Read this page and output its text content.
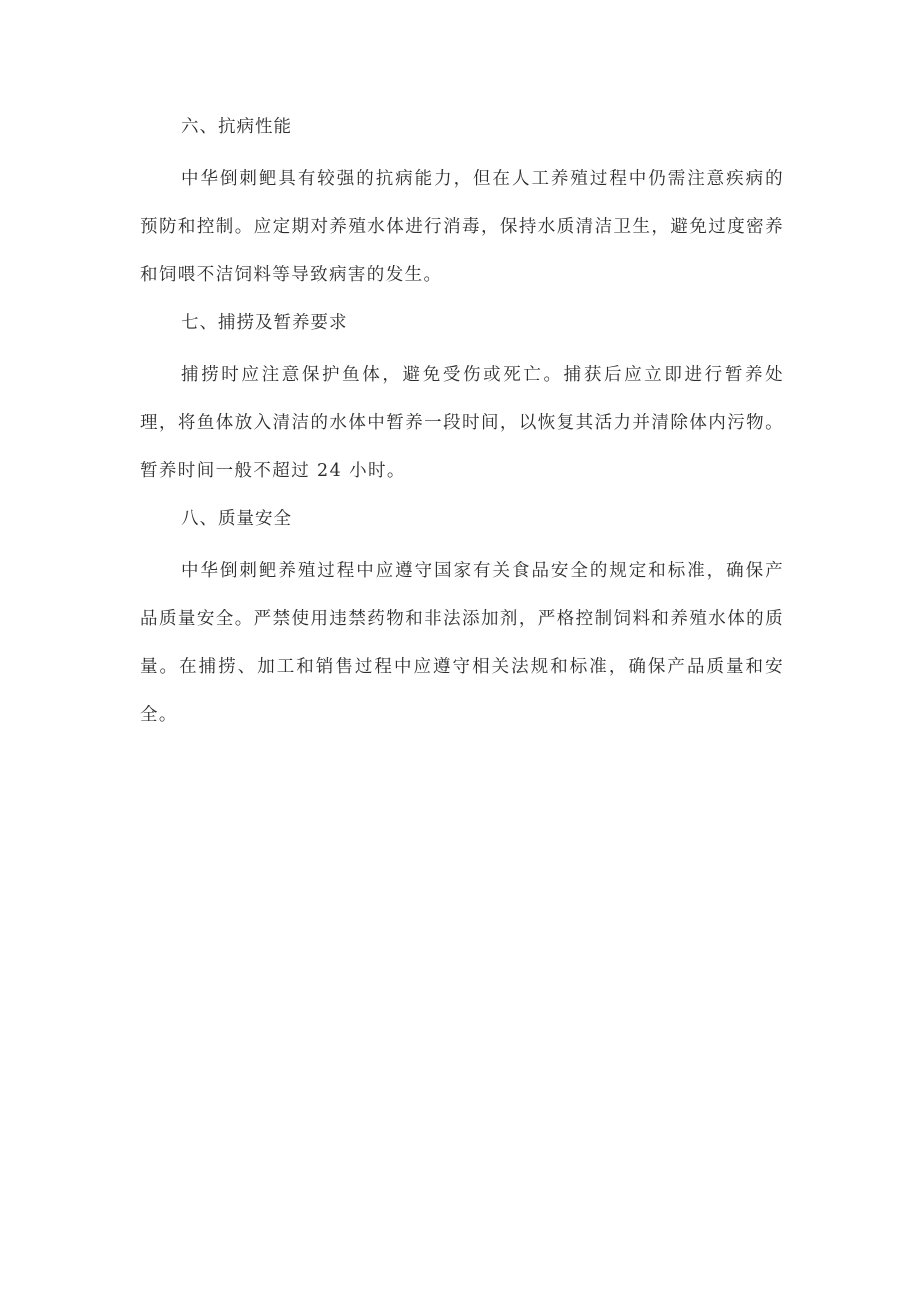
六、抗病性能

中华倒刺鲃具有较强的抗病能力，但在人工养殖过程中仍需注意疾病的预防和控制。应定期对养殖水体进行消毒，保持水质清洁卫生，避免过度密养和饲喂不洁饲料等导致病害的发生。

七、捕捞及暂养要求

捕捞时应注意保护鱼体，避免受伤或死亡。捕获后应立即进行暂养处理，将鱼体放入清洁的水体中暂养一段时间，以恢复其活力并清除体内污物。暂养时间一般不超过 24 小时。

八、质量安全

中华倒刺鲃养殖过程中应遵守国家有关食品安全的规定和标准，确保产品质量安全。严禁使用违禁药物和非法添加剂，严格控制饲料和养殖水体的质量。在捕捞、加工和销售过程中应遵守相关法规和标准，确保产品质量和安全。
